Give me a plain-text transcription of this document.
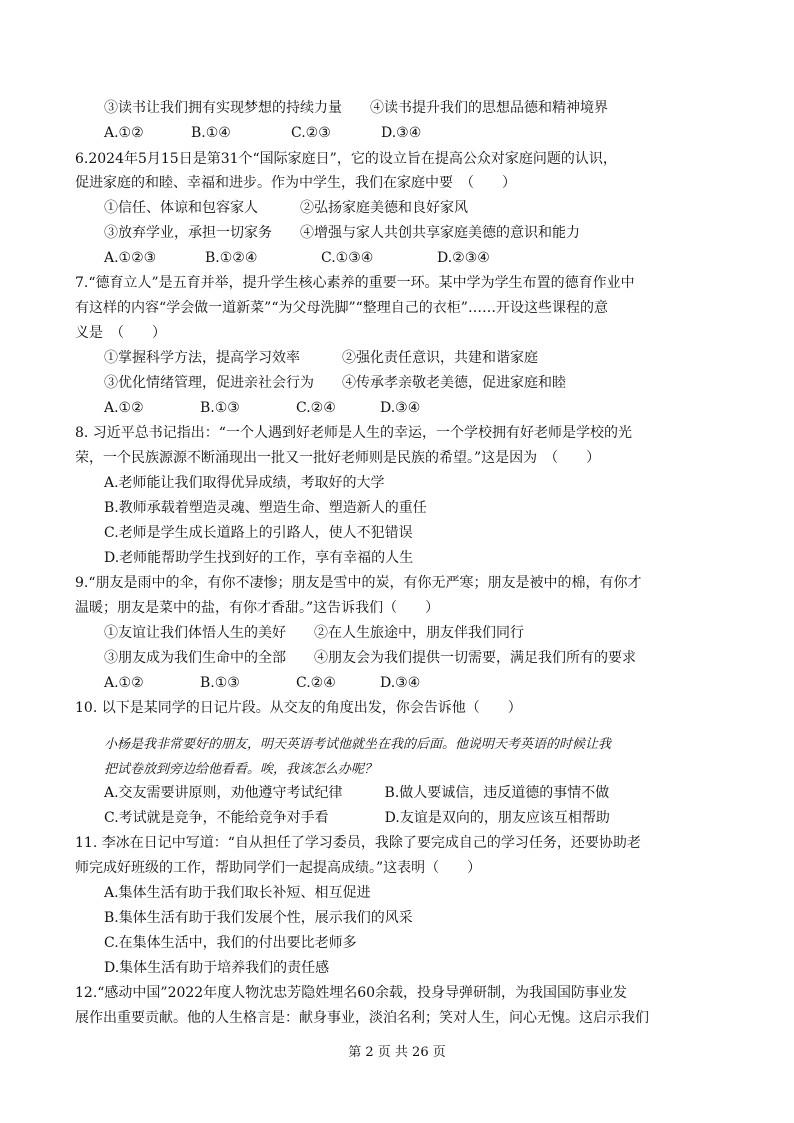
③读书让我们拥有实现梦想的持续力量　　④读书提升我们的思想品德和精神境界
A.①②	B.①④	C.②③	D.③④
6.2024年5月15日是第31个“国际家庭日”，它的设立旨在提高公众对家庭问题的认识，
促进家庭的和睦、幸福和进步。作为中学生，我们在家庭中要　（　　）
①信任、体谅和包容家人　　　②弘扬家庭美德和良好家风
③放弃学业，承担一切家务　　④增强与家人共创共享家庭美德的意识和能力
A.①②③	B.①②④	C.①③④	D.②③④
7.“德育立人”是五育并举，提升学生核心素养的重要一环。某中学为学生布置的德育作业中
有这样的内容“学会做一道新菜”“为父母洗脚”“整理自己的衣柜”……开设这些课程的意
义是　（　　）
①掌握科学方法，提高学习效率　　　②强化责任意识，共建和谐家庭
③优化情绪管理，促进亲社会行为　　④传承孝亲敬老美德，促进家庭和睦
A.①②	B.①③	C.②④	D.③④
8. 习近平总书记指出：“一个人遇到好老师是人生的幸运，一个学校拥有好老师是学校的光
荣，一个民族源源不断涌现出一批又一批好老师则是民族的希望。”这是因为　（　　）
A.老师能让我们取得优异成绩，考取好的大学
B.教师承载着塑造灵魂、塑造生命、塑造新人的重任
C.老师是学生成长道路上的引路人，使人不犯错误
D.老师能帮助学生找到好的工作，享有幸福的人生
9.“朋友是雨中的伞，有你不凄惨；朋友是雪中的炭，有你无严寒；朋友是被中的棉，有你才
温暖；朋友是菜中的盐，有你才香甜。”这告诉我们（　　）
①友谊让我们体悟人生的美好　　②在人生旅途中，朋友伴我们同行
③朋友成为我们生命中的全部　　④朋友会为我们提供一切需要，满足我们所有的要求
A.①②	B.①③	C.②④	D.③④
10. 以下是某同学的日记片段。从交友的角度出发，你会告诉他（　　）
小杨是我非常要好的朋友，明天英语考试他就坐在我的后面。他说明天考英语的时候让我
把试卷放到旁边给他看看。唉，我该怎么办呢？
A.交友需要讲原则，劝他遵守考试纪律　　　B.做人要诚信，违反道德的事情不做
C.考试就是竞争，不能给竞争对手看　　　　D.友谊是双向的，朋友应该互相帮助
11. 李冰在日记中写道：“自从担任了学习委员，我除了要完成自己的学习任务，还要协助老
师完成好班级的工作，帮助同学们一起提高成绩。”这表明（　　）
A.集体生活有助于我们取长补短、相互促进
B.集体生活有助于我们发展个性，展示我们的风采
C.在集体生活中，我们的付出要比老师多
D.集体生活有助于培养我们的责任感
12.“感动中国”2022年度人物沈忠芳隐姓埋名60余载，投身导弹研制，为我国国防事业发
展作出重要贡献。他的人生格言是：献身事业，淡泊名利；笑对人生，问心无愧。这启示我们
第 2 页 共 26 页
